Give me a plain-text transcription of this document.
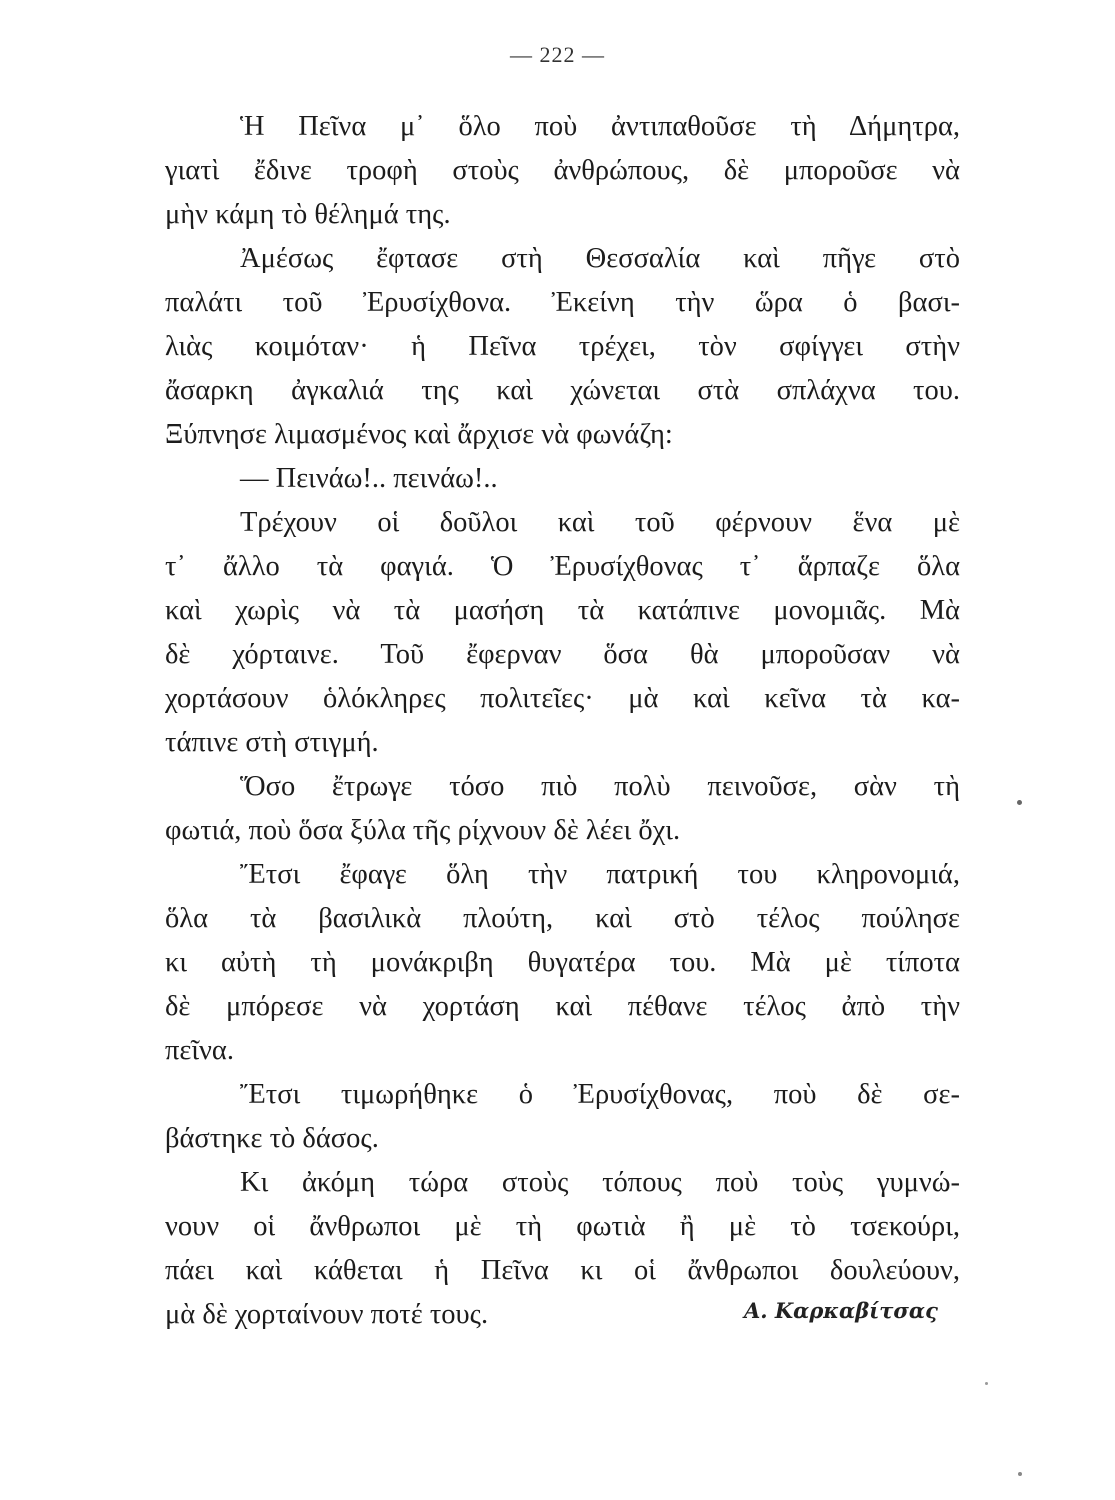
— 222 —
Ἡ Πεῖνα μ᾽ ὅλο ποὺ ἀντιπαθοῦσε τὴ Δήμητρα,
γιατὶ ἔδινε τροφὴ στοὺς ἀνθρώπους, δὲ μποροῦσε νὰ
μὴν κάμη τὸ θέλημά της.
Ἀμέσως ἔφτασε στὴ Θεσσαλία καὶ πῆγε στὸ
παλάτι τοῦ Ἐρυσίχθονα. Ἐκείνη τὴν ὥρα ὁ βασι-
λιὰς κοιμόταν· ἡ Πεῖνα τρέχει, τὸν σφίγγει στὴν
ἄσαρκη ἀγκαλιά της καὶ χώνεται στὰ σπλάχνα του.
Ξύπνησε λιμασμένος καὶ ἄρχισε νὰ φωνάζη:
— Πεινάω!.. πεινάω!..
Τρέχουν οἱ δοῦλοι καὶ τοῦ φέρνουν ἕνα μὲ
τ᾽ ἄλλο τὰ φαγιά. Ὁ Ἐρυσίχθονας τ᾽ ἅρπαζε ὅλα
καὶ χωρὶς νὰ τὰ μασήση τὰ κατάπινε μονομιᾶς. Μὰ
δὲ χόρταινε. Τοῦ ἔφερναν ὅσα θὰ μποροῦσαν νὰ
χορτάσουν ὁλόκληρες πολιτεῖες· μὰ καὶ κεῖνα τὰ κα-
τάπινε στὴ στιγμή.
Ὅσο ἔτρωγε τόσο πιὸ πολὺ πεινοῦσε, σὰν τὴ
φωτιά, ποὺ ὅσα ξύλα τῆς ρίχνουν δὲ λέει ὄχι.
Ἔτσι ἔφαγε ὅλη τὴν πατρική του κληρονομιά,
ὅλα τὰ βασιλικὰ πλούτη, καὶ στὸ τέλος πούλησε
κι αὐτὴ τὴ μονάκριβη θυγατέρα του. Μὰ μὲ τίποτα
δὲ μπόρεσε νὰ χορτάση καὶ πέθανε τέλος ἀπὸ τὴν
πεῖνα.
Ἔτσι τιμωρήθηκε ὁ Ἐρυσίχθονας, ποὺ δὲ σε-
βάστηκε τὸ δάσος.
Κι ἀκόμη τώρα στοὺς τόπους ποὺ τοὺς γυμνώ-
νουν οἱ ἄνθρωποι μὲ τὴ φωτιὰ ἢ μὲ τὸ τσεκούρι,
πάει καὶ κάθεται ἡ Πεῖνα κι οἱ ἄνθρωποι δουλεύουν,
μὰ δὲ χορταίνουν ποτέ τους.	Α. Καρκαβίτσας
